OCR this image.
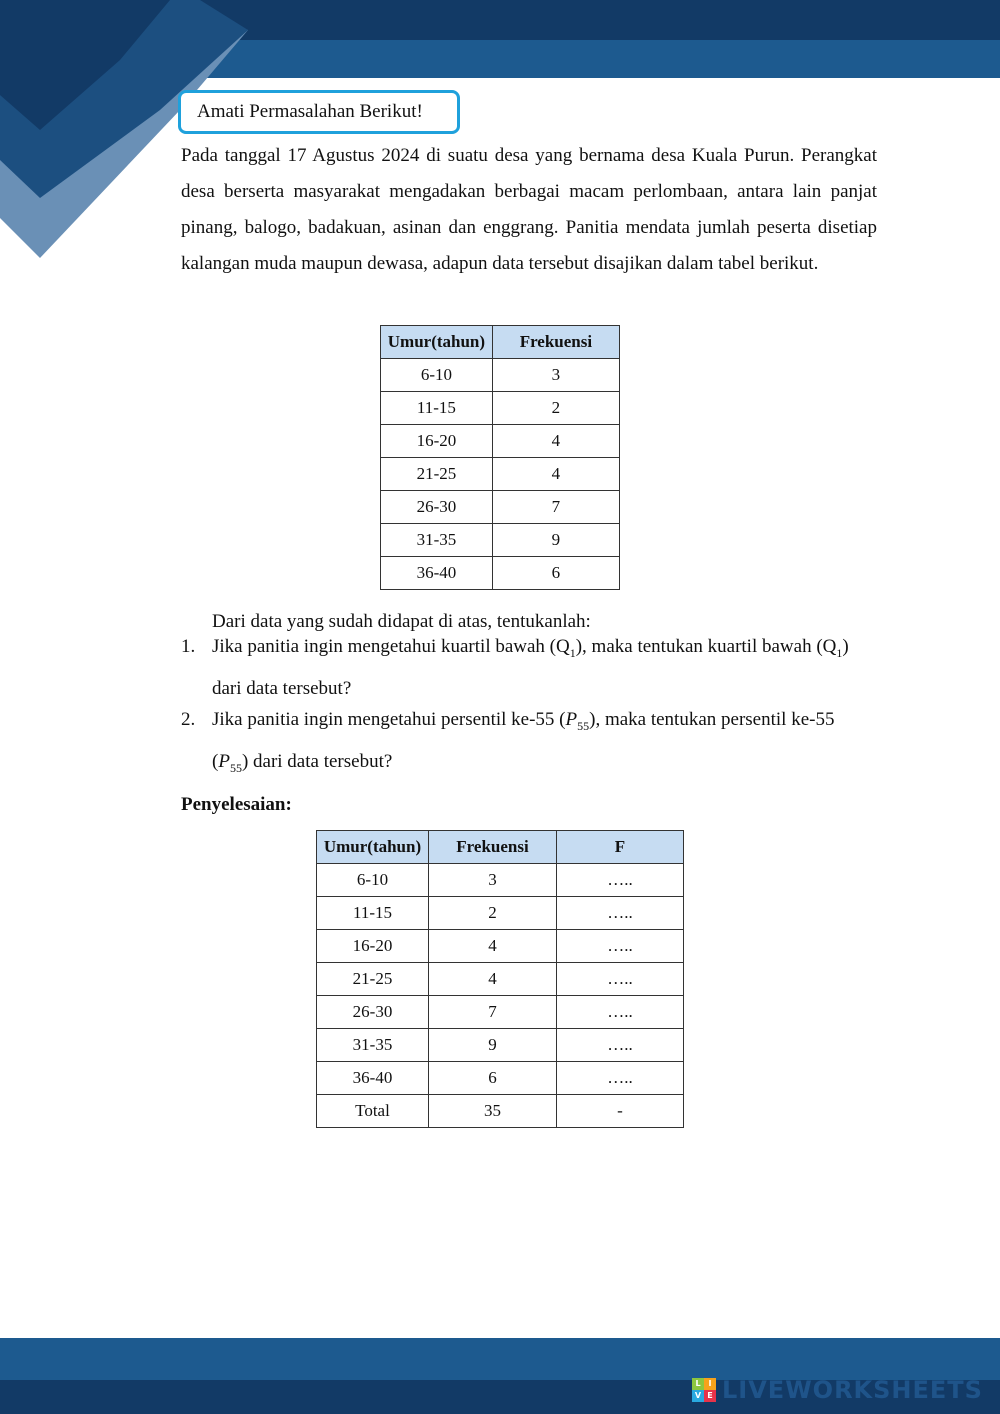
Amati Permasalahan Berikut!

Pada tanggal 17 Agustus 2024 di suatu desa yang bernama desa Kuala Purun. Perangkat desa berserta masyarakat mengadakan berbagai macam perlombaan, antara lain panjat pinang, balogo, badakuan, asinan dan enggrang. Panitia mendata jumlah peserta disetiap kalangan muda maupun dewasa, adapun data tersebut disajikan dalam tabel berikut.

Umur(tahun)	Frekuensi
6-10	3
11-15	2
16-20	4
21-25	4
26-30	7
31-35	9
36-40	6

Dari data yang sudah didapat di atas, tentukanlah:

1. Jika panitia ingin mengetahui kuartil bawah $(Q_1)$, maka tentukan kuartil bawah $(Q_1)$ dari data tersebut?
2. Jika panitia ingin mengetahui persentil ke-55 $(P_{55})$, maka tentukan persentil ke-55 $(P_{55})$ dari data tersebut?

Penyelesaian:

Umur(tahun)	Frekuensi	F
6-10	3	…..
11-15	2	…..
16-20	4	…..
21-25	4	…..
26-30	7	…..
31-35	9	…..
36-40	6	…..
Total	35	-
L I
V E LIVEWORKSHEETS
